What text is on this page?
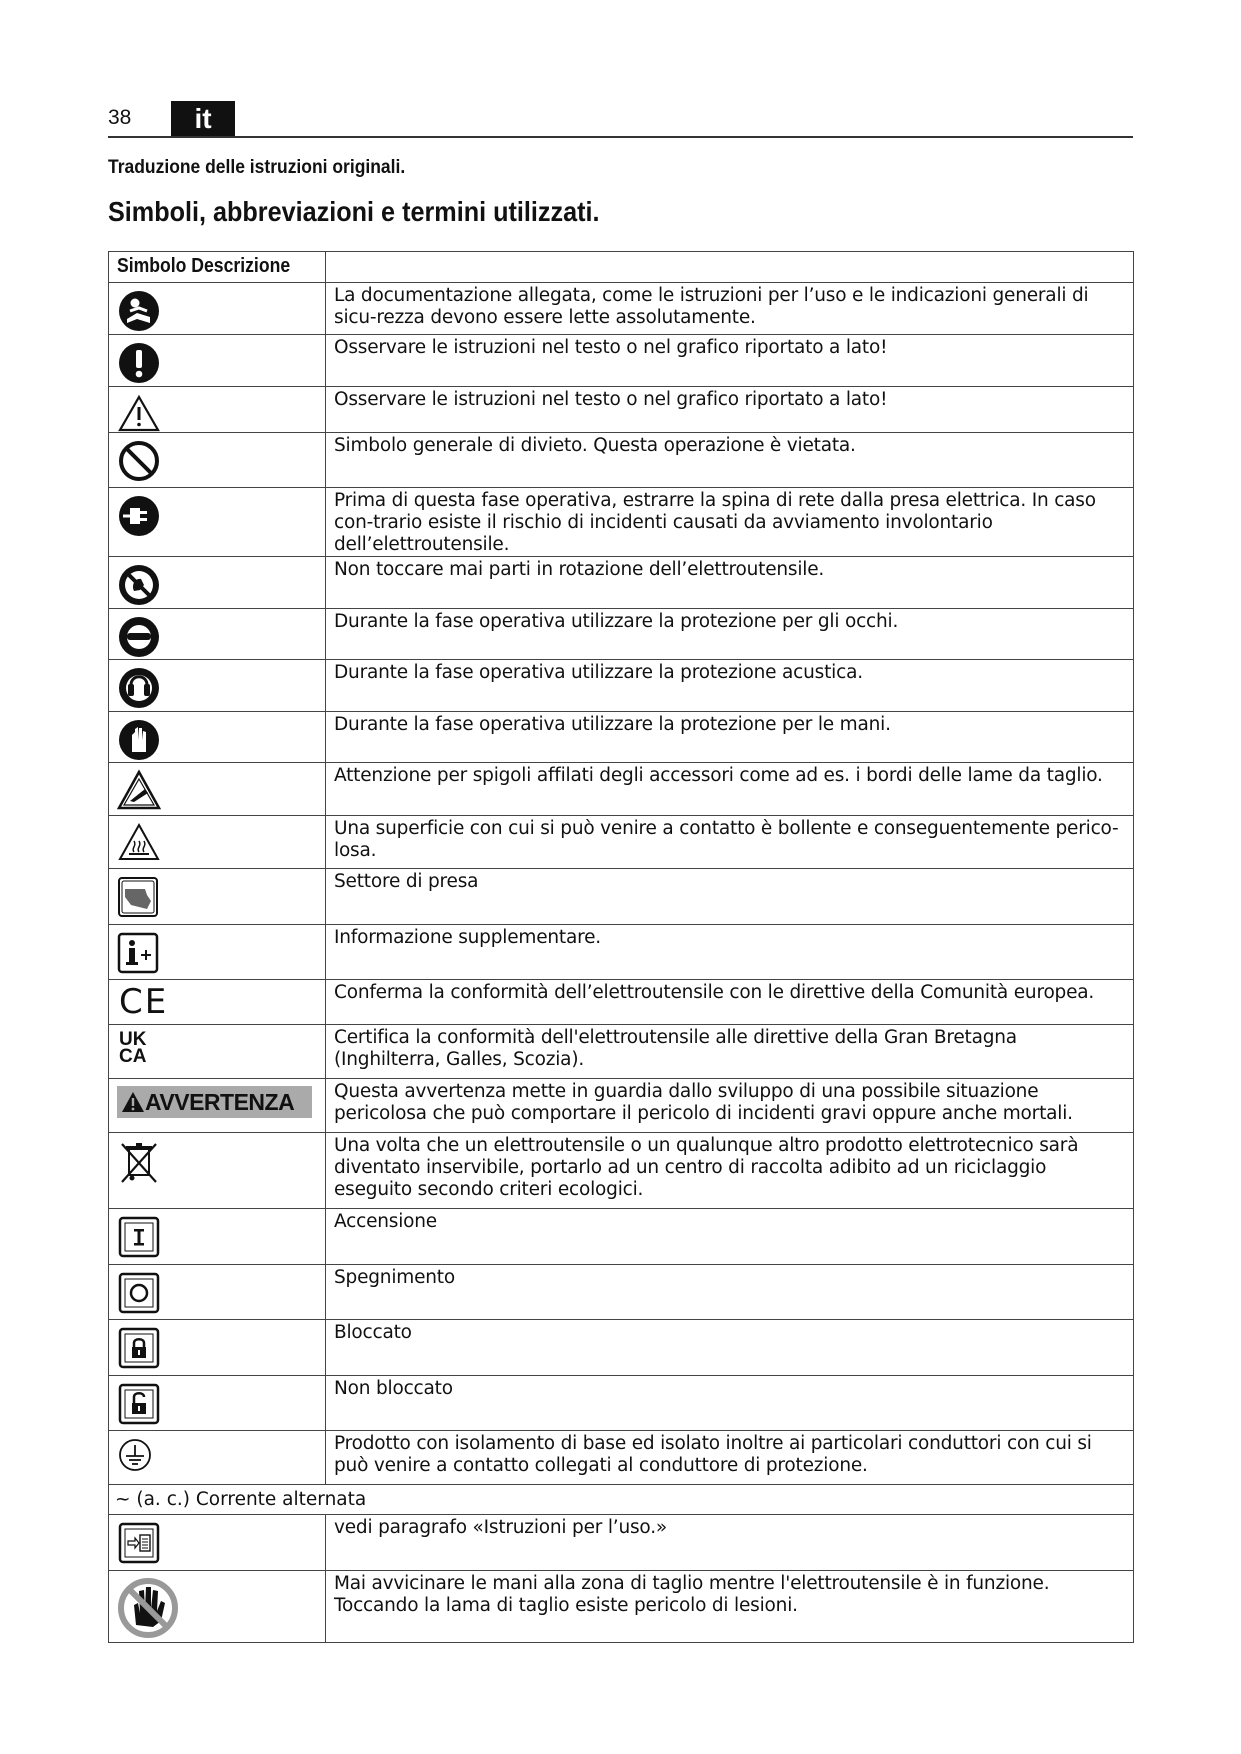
38	it
Traduzione delle istruzioni originali.
Simboli, abbreviazioni e termini utilizzati.
Simbolo Descrizione	

	La documentazione allegata, come le istruzioni per l’uso e le indicazioni generali di sicu-rezza devono essere lette assolutamente.

	Osservare le istruzioni nel testo o nel grafico riportato a lato!

	Osservare le istruzioni nel testo o nel grafico riportato a lato!

	Simbolo generale di divieto. Questa operazione è vietata.

	Prima di questa fase operativa, estrarre la spina di rete dalla presa elettrica. In caso con-trario esiste il rischio di incidenti causati da avviamento involontario dell’elettroutensile.

	Non toccare mai parti in rotazione dell’elettroutensile.

	Durante la fase operativa utilizzare la protezione per gli occhi.

	Durante la fase operativa utilizzare la protezione acustica.

	Durante la fase operativa utilizzare la protezione per le mani.

	Attenzione per spigoli affilati degli accessori come ad es. i bordi delle lame da taglio.

	Una superficie con cui si può venire a contatto è bollente e conseguentemente perico-losa.

	Settore di presa

	Informazione supplementare.

CE	Conferma la conformità dell’elettroutensile con le direttive della Comunità europea.

UK
CA	Certifica la conformità dell'elettroutensile alle direttive della Gran Bretagna (Inghilterra, Galles, Scozia).

AVVERTENZA	Questa avvertenza mette in guardia dallo sviluppo di una possibile situazione pericolosa che può comportare il pericolo di incidenti gravi oppure anche mortali.

	Una volta che un elettroutensile o un qualunque altro prodotto elettrotecnico sarà diventato inservibile, portarlo ad un centro di raccolta adibito ad un riciclaggio eseguito secondo criteri ecologici.

	Accensione

	Spegnimento

	Bloccato

	Non bloccato

	Prodotto con isolamento di base ed isolato inoltre ai particolari conduttori con cui si può venire a contatto collegati al conduttore di protezione.
~ (a. c.) Corrente alternata	

	vedi paragrafo «Istruzioni per l’uso.»

	Mai avvicinare le mani alla zona di taglio mentre l'elettroutensile è in funzione. Toccando la lama di taglio esiste pericolo di lesioni.
